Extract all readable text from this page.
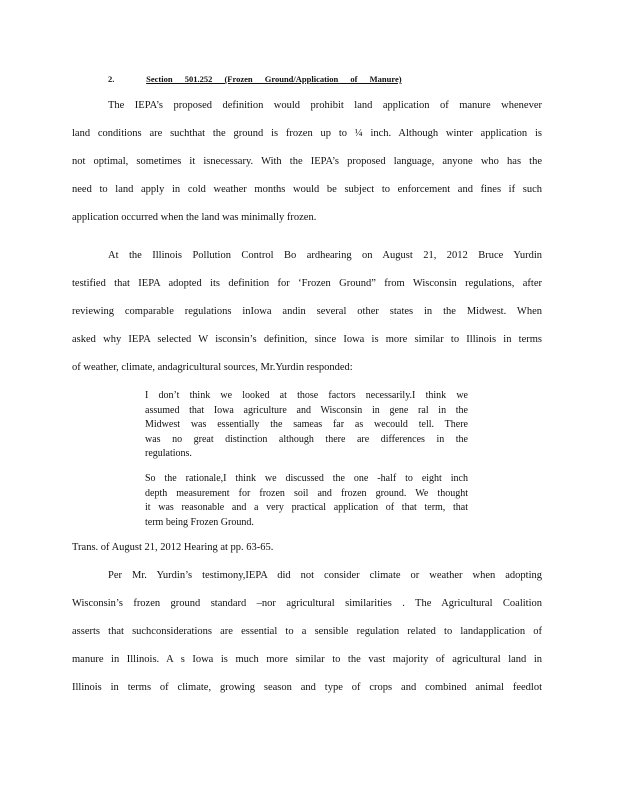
2.	Section 501.252 (Frozen Ground/Application of Manure)
The IEPA’s proposed definition would prohibit land application of manure whenever
land conditions are suchthat the ground is frozen up to ¼ inch. Although winter application is
not optimal, sometimes it isnecessary. With the IEPA’s proposed language, anyone who has the
need to land apply in cold weather months would be subject to enforcement and fines if such
application occurred when the land was minimally frozen.
At the Illinois Pollution Control Bo ardhearing on August 21, 2012 Bruce Yurdin
testified that IEPA adopted its definition for ‘Frozen Ground” from Wisconsin regulations, after
reviewing comparable regulations inIowa andin several other states in the Midwest. When
asked why IEPA selected W isconsin’s definition, since Iowa is more similar to Illinois in terms
of weather, climate, andagricultural sources, Mr.Yurdin responded:
I don’t think we looked at those factors necessarily.I think we
assumed that Iowa agriculture and Wisconsin in gene ral in the
Midwest was essentially the sameas far as wecould tell. There
was no great distinction although there are differences in the
regulations.
So the rationale,I think we discussed the one -half to eight inch
depth measurement for frozen soil and frozen ground. We thought
it was reasonable and a very practical application of that term, that
term being Frozen Ground.
Trans. of August 21, 2012 Hearing at pp. 63-65.
Per Mr. Yurdin’s testimony,IEPA did not consider climate or weather when adopting
Wisconsin’s frozen ground standard –nor agricultural similarities . The Agricultural Coalition
asserts that suchconsiderations are essential to a sensible regulation related to landapplication of
manure in Illinois. A s Iowa is much more similar to the vast majority of agricultural land in
Illinois in terms of climate, growing season and type of crops and combined animal feedlot
